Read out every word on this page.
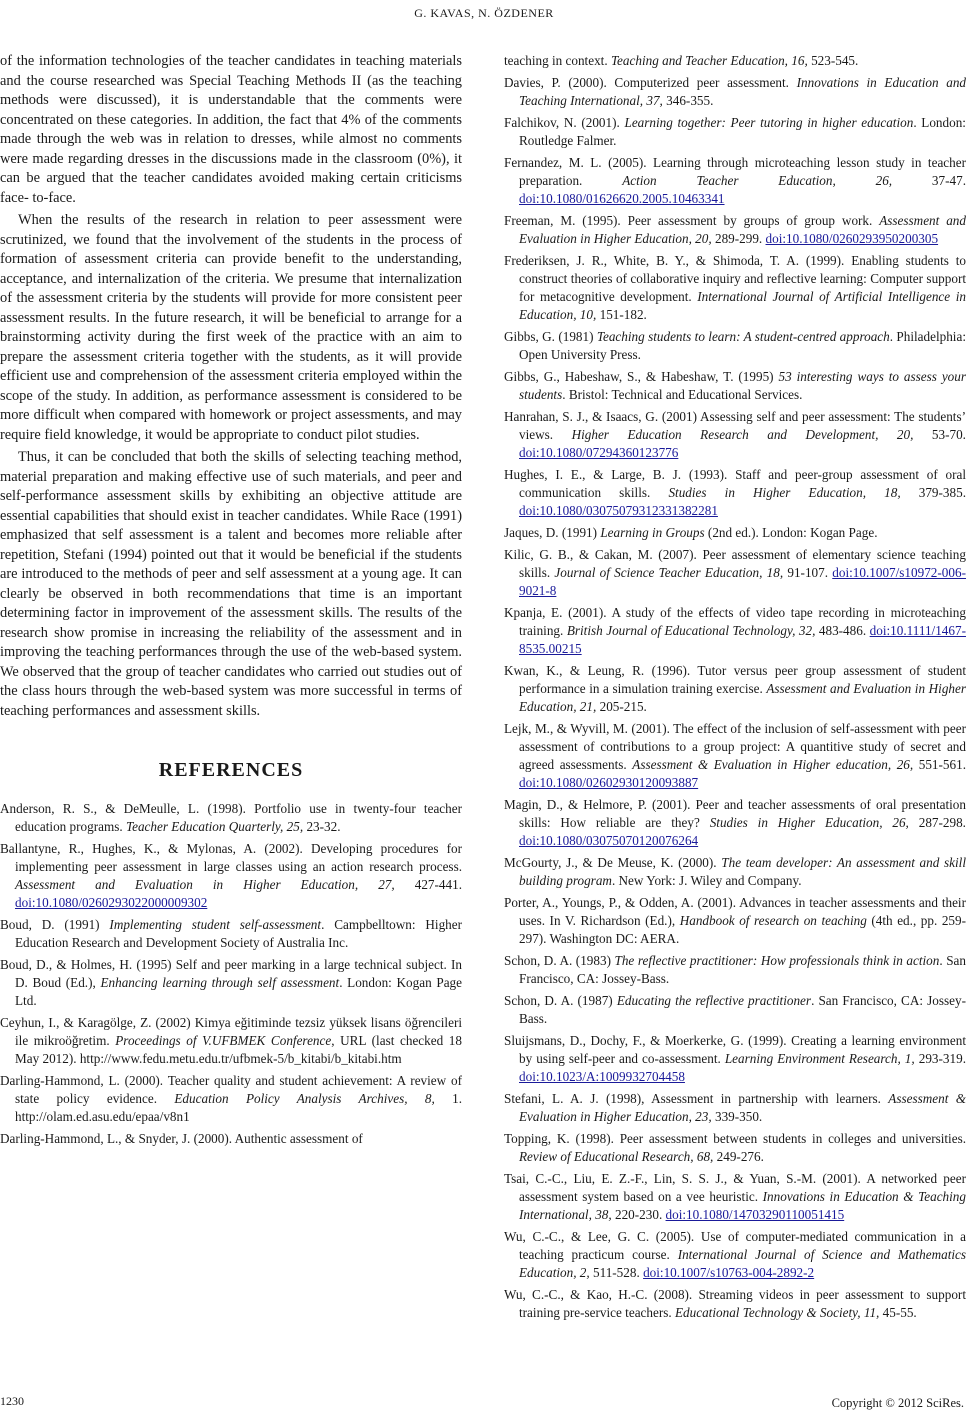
G. KAVAS, N. ÖZDENER

of the information technologies of the teacher candidates in teaching materials and the course researched was Special Teaching Methods II (as the teaching methods were discussed), it is understandable that the comments were concentrated on these categories. In addition, the fact that 4% of the comments made through the web was in relation to dresses, while almost no comments were made regarding dresses in the discussions made in the classroom (0%), it can be argued that the teacher candidates avoided making certain criticisms face- to-face.

When the results of the research in relation to peer assessment were scrutinized, we found that the involvement of the students in the process of formation of assessment criteria can provide benefit to the understanding, acceptance, and internalization of the criteria. We presume that internalization of the assessment criteria by the students will provide for more consistent peer assessment results. In the future research, it will be beneficial to arrange for a brainstorming activity during the first week of the practice with an aim to prepare the assessment criteria together with the students, as it will provide efficient use and comprehension of the assessment criteria employed within the scope of the study. In addition, as performance assessment is considered to be more difficult when compared with homework or project assessments, and may require field knowledge, it would be appropriate to conduct pilot studies.

Thus, it can be concluded that both the skills of selecting teaching method, material preparation and making effective use of such materials, and peer and self-performance assessment skills by exhibiting an objective attitude are essential capabilities that should exist in teacher candidates. While Race (1991) emphasized that self assessment is a talent and becomes more reliable after repetition, Stefani (1994) pointed out that it would be beneficial if the students are introduced to the methods of peer and self assessment at a young age. It can clearly be observed in both recommendations that time is an important determining factor in improvement of the assessment skills. The results of the research show promise in increasing the reliability of the assessment and in improving the teaching performances through the use of the web-based system. We observed that the group of teacher candidates who carried out studies out of the class hours through the web-based system was more successful in terms of teaching performances and assessment skills.

REFERENCES

Anderson, R. S., & DeMeulle, L. (1998). Portfolio use in twenty-four teacher education programs. Teacher Education Quarterly, 25, 23-32.

Ballantyne, R., Hughes, K., & Mylonas, A. (2002). Developing procedures for implementing peer assessment in large classes using an action research process. Assessment and Evaluation in Higher Education, 27, 427-441. doi:10.1080/0260293022000009302

Boud, D. (1991) Implementing student self-assessment. Campbelltown: Higher Education Research and Development Society of Australia Inc.

Boud, D., & Holmes, H. (1995) Self and peer marking in a large technical subject. In D. Boud (Ed.), Enhancing learning through self assessment. London: Kogan Page Ltd.

Ceyhun, I., & Karagölge, Z. (2002) Kimya eğitiminde tezsiz yüksek lisans öğrencileri ile mikroöğretim. Proceedings of V.UFBMEK Conference, URL (last checked 18 May 2012). http://www.fedu.metu.edu.tr/ufbmek-5/b_kitabi/b_kitabi.htm

Darling-Hammond, L. (2000). Teacher quality and student achievement: A review of state policy evidence. Education Policy Analysis Archives, 8, 1. http://olam.ed.asu.edu/epaa/v8n1

Darling-Hammond, L., & Snyder, J. (2000). Authentic assessment of

teaching in context. Teaching and Teacher Education, 16, 523-545.

Davies, P. (2000). Computerized peer assessment. Innovations in Education and Teaching International, 37, 346-355.

Falchikov, N. (2001). Learning together: Peer tutoring in higher education. London: Routledge Falmer.

Fernandez, M. L. (2005). Learning through microteaching lesson study in teacher preparation. Action Teacher Education, 26, 37-47. doi:10.1080/01626620.2005.10463341

Freeman, M. (1995). Peer assessment by groups of group work. Assessment and Evaluation in Higher Education, 20, 289-299. doi:10.1080/0260293950200305

Frederiksen, J. R., White, B. Y., & Shimoda, T. A. (1999). Enabling students to construct theories of collaborative inquiry and reflective learning: Computer support for metacognitive development. International Journal of Artificial Intelligence in Education, 10, 151-182.

Gibbs, G. (1981) Teaching students to learn: A student-centred approach. Philadelphia: Open University Press.

Gibbs, G., Habeshaw, S., & Habeshaw, T. (1995) 53 interesting ways to assess your students. Bristol: Technical and Educational Services.

Hanrahan, S. J., & Isaacs, G. (2001) Assessing self and peer assessment: The students’ views. Higher Education Research and Development, 20, 53-70. doi:10.1080/07294360123776

Hughes, I. E., & Large, B. J. (1993). Staff and peer-group assessment of oral communication skills. Studies in Higher Education, 18, 379-385. doi:10.1080/03075079312331382281

Jaques, D. (1991) Learning in Groups (2nd ed.). London: Kogan Page.

Kilic, G. B., & Cakan, M. (2007). Peer assessment of elementary science teaching skills. Journal of Science Teacher Education, 18, 91-107. doi:10.1007/s10972-006-9021-8

Kpanja, E. (2001). A study of the effects of video tape recording in microteaching training. British Journal of Educational Technology, 32, 483-486. doi:10.1111/1467-8535.00215

Kwan, K., & Leung, R. (1996). Tutor versus peer group assessment of student performance in a simulation training exercise. Assessment and Evaluation in Higher Education, 21, 205-215.

Lejk, M., & Wyvill, M. (2001). The effect of the inclusion of self-assessment with peer assessment of contributions to a group project: A quantitive study of secret and agreed assessments. Assessment & Evaluation in Higher education, 26, 551-561. doi:10.1080/02602930120093887

Magin, D., & Helmore, P. (2001). Peer and teacher assessments of oral presentation skills: How reliable are they? Studies in Higher Education, 26, 287-298. doi:10.1080/03075070120076264

McGourty, J., & De Meuse, K. (2000). The team developer: An assessment and skill building program. New York: J. Wiley and Company.

Porter, A., Youngs, P., & Odden, A. (2001). Advances in teacher assessments and their uses. In V. Richardson (Ed.), Handbook of research on teaching (4th ed., pp. 259-297). Washington DC: AERA.

Schon, D. A. (1983) The reflective practitioner: How professionals think in action. San Francisco, CA: Jossey-Bass.

Schon, D. A. (1987) Educating the reflective practitioner. San Francisco, CA: Jossey-Bass.

Sluijsmans, D., Dochy, F., & Moerkerke, G. (1999). Creating a learning environment by using self-peer and co-assessment. Learning Environment Research, 1, 293-319. doi:10.1023/A:1009932704458

Stefani, L. A. J. (1998), Assessment in partnership with learners. Assessment & Evaluation in Higher Education, 23, 339-350.

Topping, K. (1998). Peer assessment between students in colleges and universities. Review of Educational Research, 68, 249-276.

Tsai, C.-C., Liu, E. Z.-F., Lin, S. S. J., & Yuan, S.-M. (2001). A networked peer assessment system based on a vee heuristic. Innovations in Education & Teaching International, 38, 220-230. doi:10.1080/14703290110051415

Wu, C.-C., & Lee, G. C. (2005). Use of computer-mediated communication in a teaching practicum course. International Journal of Science and Mathematics Education, 2, 511-528. doi:10.1007/s10763-004-2892-2

Wu, C.-C., & Kao, H.-C. (2008). Streaming videos in peer assessment to support training pre-service teachers. Educational Technology & Society, 11, 45-55.

1230	Copyright © 2012 SciRes.
